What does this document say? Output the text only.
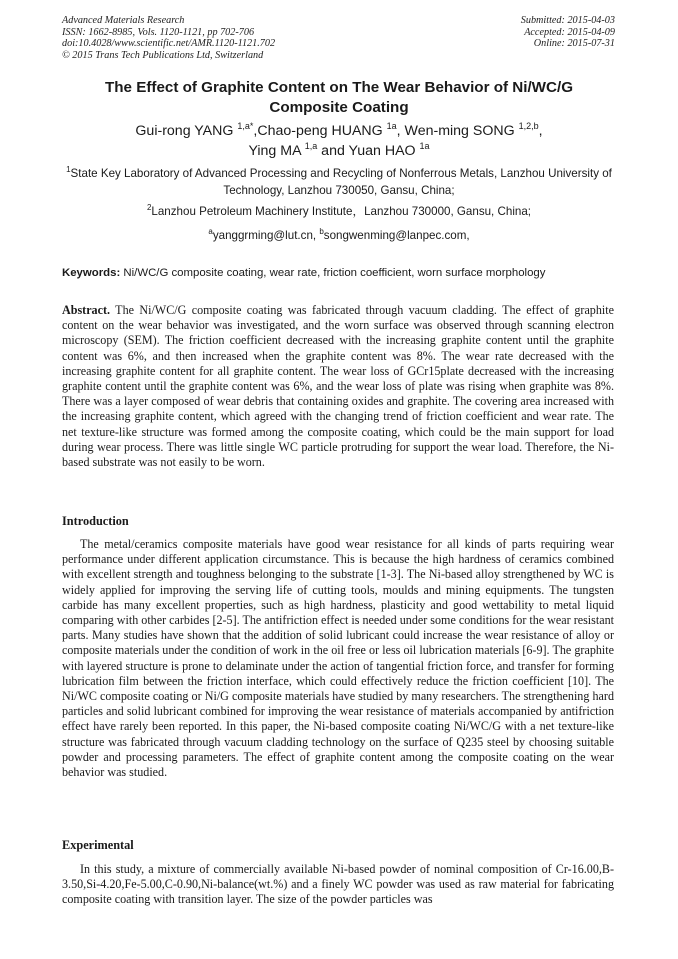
Advanced Materials Research
ISSN: 1662-8985, Vols. 1120-1121, pp 702-706
doi:10.4028/www.scientific.net/AMR.1120-1121.702
© 2015 Trans Tech Publications Ltd, Switzerland
Submitted: 2015-04-03
Accepted: 2015-04-09
Online: 2015-07-31
The Effect of Graphite Content on The Wear Behavior of Ni/WC/G
Composite Coating
Gui-rong YANG $^{1,a*}$,Chao-peng HUANG $^{1a}$, Wen-ming SONG $^{1,2,b}$,
Ying MA $^{1,a}$ and Yuan HAO $^{1a}$
$^1$State Key Laboratory of Advanced Processing and Recycling of Nonferrous Metals, Lanzhou University of Technology, Lanzhou 730050, Gansu, China;
$^2$Lanzhou Petroleum Machinery Institute，Lanzhou 730000, Gansu, China;
$^a$yanggrming@lut.cn, $^b$songwenming@lanpec.com,
Keywords: Ni/WC/G composite coating, wear rate, friction coefficient, worn surface morphology
Abstract. The Ni/WC/G composite coating was fabricated through vacuum cladding. The effect of graphite content on the wear behavior was investigated, and the worn surface was observed through scanning electron microscopy (SEM). The friction coefficient decreased with the increasing graphite content until the graphite content was 6%, and then increased when the graphite content was 8%. The wear rate decreased with the increasing graphite content for all graphite content. The wear loss of GCr15plate decreased with the increasing graphite content until the graphite content was 6%, and the wear loss of plate was rising when graphite was 8%. There was a layer composed of wear debris that containing oxides and graphite. The covering area increased with the increasing graphite content, which agreed with the changing trend of friction coefficient and wear rate. The net texture-like structure was formed among the composite coating, which could be the main support for load during wear process. There was little single WC particle protruding for support the wear load. Therefore, the Ni-based substrate was not easily to be worn.
Introduction
The metal/ceramics composite materials have good wear resistance for all kinds of parts requiring wear performance under different application circumstance. This is because the high hardness of ceramics combined with excellent strength and toughness belonging to the substrate [1-3]. The Ni-based alloy strengthened by WC is widely applied for improving the serving life of cutting tools, moulds and mining equipments. The tungsten carbide has many excellent properties, such as high hardness, plasticity and good wettability to metal liquid comparing with other carbides [2-5]. The antifriction effect is needed under some conditions for the wear resistant parts. Many studies have shown that the addition of solid lubricant could increase the wear resistance of alloy or composite materials under the condition of work in the oil free or less oil lubrication materials [6-9]. The graphite with layered structure is prone to delaminate under the action of tangential friction force, and transfer for forming lubrication film between the friction interface, which could effectively reduce the friction coefficient [10]. The Ni/WC composite coating or Ni/G composite materials have studied by many researchers. The strengthening hard particles and solid lubricant combined for improving the wear resistance of materials accompanied by antifriction effect have rarely been reported. In this paper, the Ni-based composite coating Ni/WC/G with a net texture-like structure was fabricated through vacuum cladding technology on the surface of Q235 steel by choosing suitable powder and processing parameters. The effect of graphite content among the composite coating on the wear behavior was studied.
Experimental
In this study, a mixture of commercially available Ni-based powder of nominal composition of Cr-16.00,B-3.50,Si-4.20,Fe-5.00,C-0.90,Ni-balance(wt.%) and a finely WC powder was used as raw material for fabricating composite coating with transition layer. The size of the powder particles was
